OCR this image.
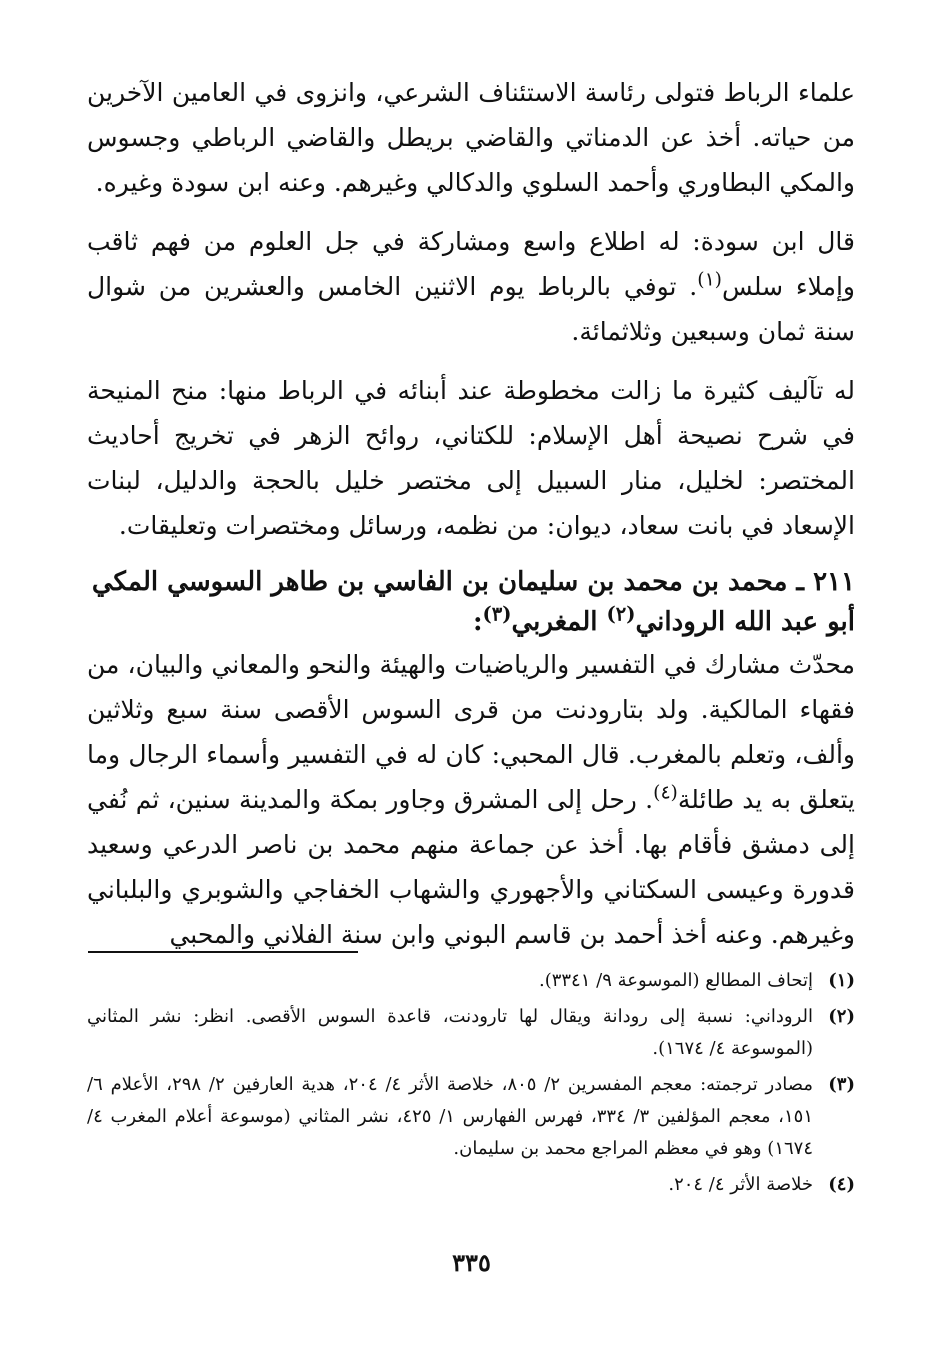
علماء الرباط فتولى رئاسة الاستئناف الشرعي، وانزوى في العامين الآخرين من حياته. أخذ عن الدمناتي والقاضي بريطل والقاضي الرباطي وجسوس والمكي البطاوري وأحمد السلوي والدكالي وغيرهم. وعنه ابن سودة وغيره.

قال ابن سودة: له اطلاع واسع ومشاركة في جل العلوم من فهم ثاقب وإملاء سلس$^{(١)}$. توفي بالرباط يوم الاثنين الخامس والعشرين من شوال سنة ثمان وسبعين وثلاثمائة.

له تآليف كثيرة ما زالت مخطوطة عند أبنائه في الرباط منها: منح المنيحة في شرح نصيحة أهل الإسلام: للكتاني، روائح الزهر في تخريج أحاديث المختصر: لخليل، منار السبيل إلى مختصر خليل بالحجة والدليل، لبنات الإسعاد في بانت سعاد، ديوان: من نظمه، ورسائل ومختصرات وتعليقات.

٢١١ ـ محمد بن محمد بن سليمان بن الفاسي بن طاهر السوسي المكي أبو عبد الله الروداني$^{(٢)}$ المغربي$^{(٣)}$:

محدّث مشارك في التفسير والرياضيات والهيئة والنحو والمعاني والبيان، من فقهاء المالكية. ولد بتارودنت من قرى السوس الأقصى سنة سبع وثلاثين وألف، وتعلم بالمغرب. قال المحبي: كان له في التفسير وأسماء الرجال وما يتعلق به يد طائلة$^{(٤)}$. رحل إلى المشرق وجاور بمكة والمدينة سنين، ثم نُفي إلى دمشق فأقام بها. أخذ عن جماعة منهم محمد بن ناصر الدرعي وسعيد قدورة وعيسى السكتاني والأجهوري والشهاب الخفاجي والشوبري والبلباني وغيرهم. وعنه أخذ أحمد بن قاسم البوني وابن سنة الفلاني والمحبي

(١)
إتحاف المطالع (الموسوعة ٩/ ٣٣٤١).
(٢)
الروداني: نسبة إلى رودانة ويقال لها تارودنت، قاعدة السوس الأقصى. انظر: نشر المثاني (الموسوعة ٤/ ١٦٧٤).
(٣)
مصادر ترجمته: معجم المفسرين ٢/ ٨٠٥، خلاصة الأثر ٤/ ٢٠٤، هدية العارفين ٢/ ٢٩٨، الأعلام ٦/ ١٥١، معجم المؤلفين ٣/ ٣٣٤، فهرس الفهارس ١/ ٤٢٥، نشر المثاني (موسوعة أعلام المغرب ٤/ ١٦٧٤) وهو في معظم المراجع محمد بن سليمان.
(٤)
خلاصة الأثر ٤/ ٢٠٤.
٣٣٥
